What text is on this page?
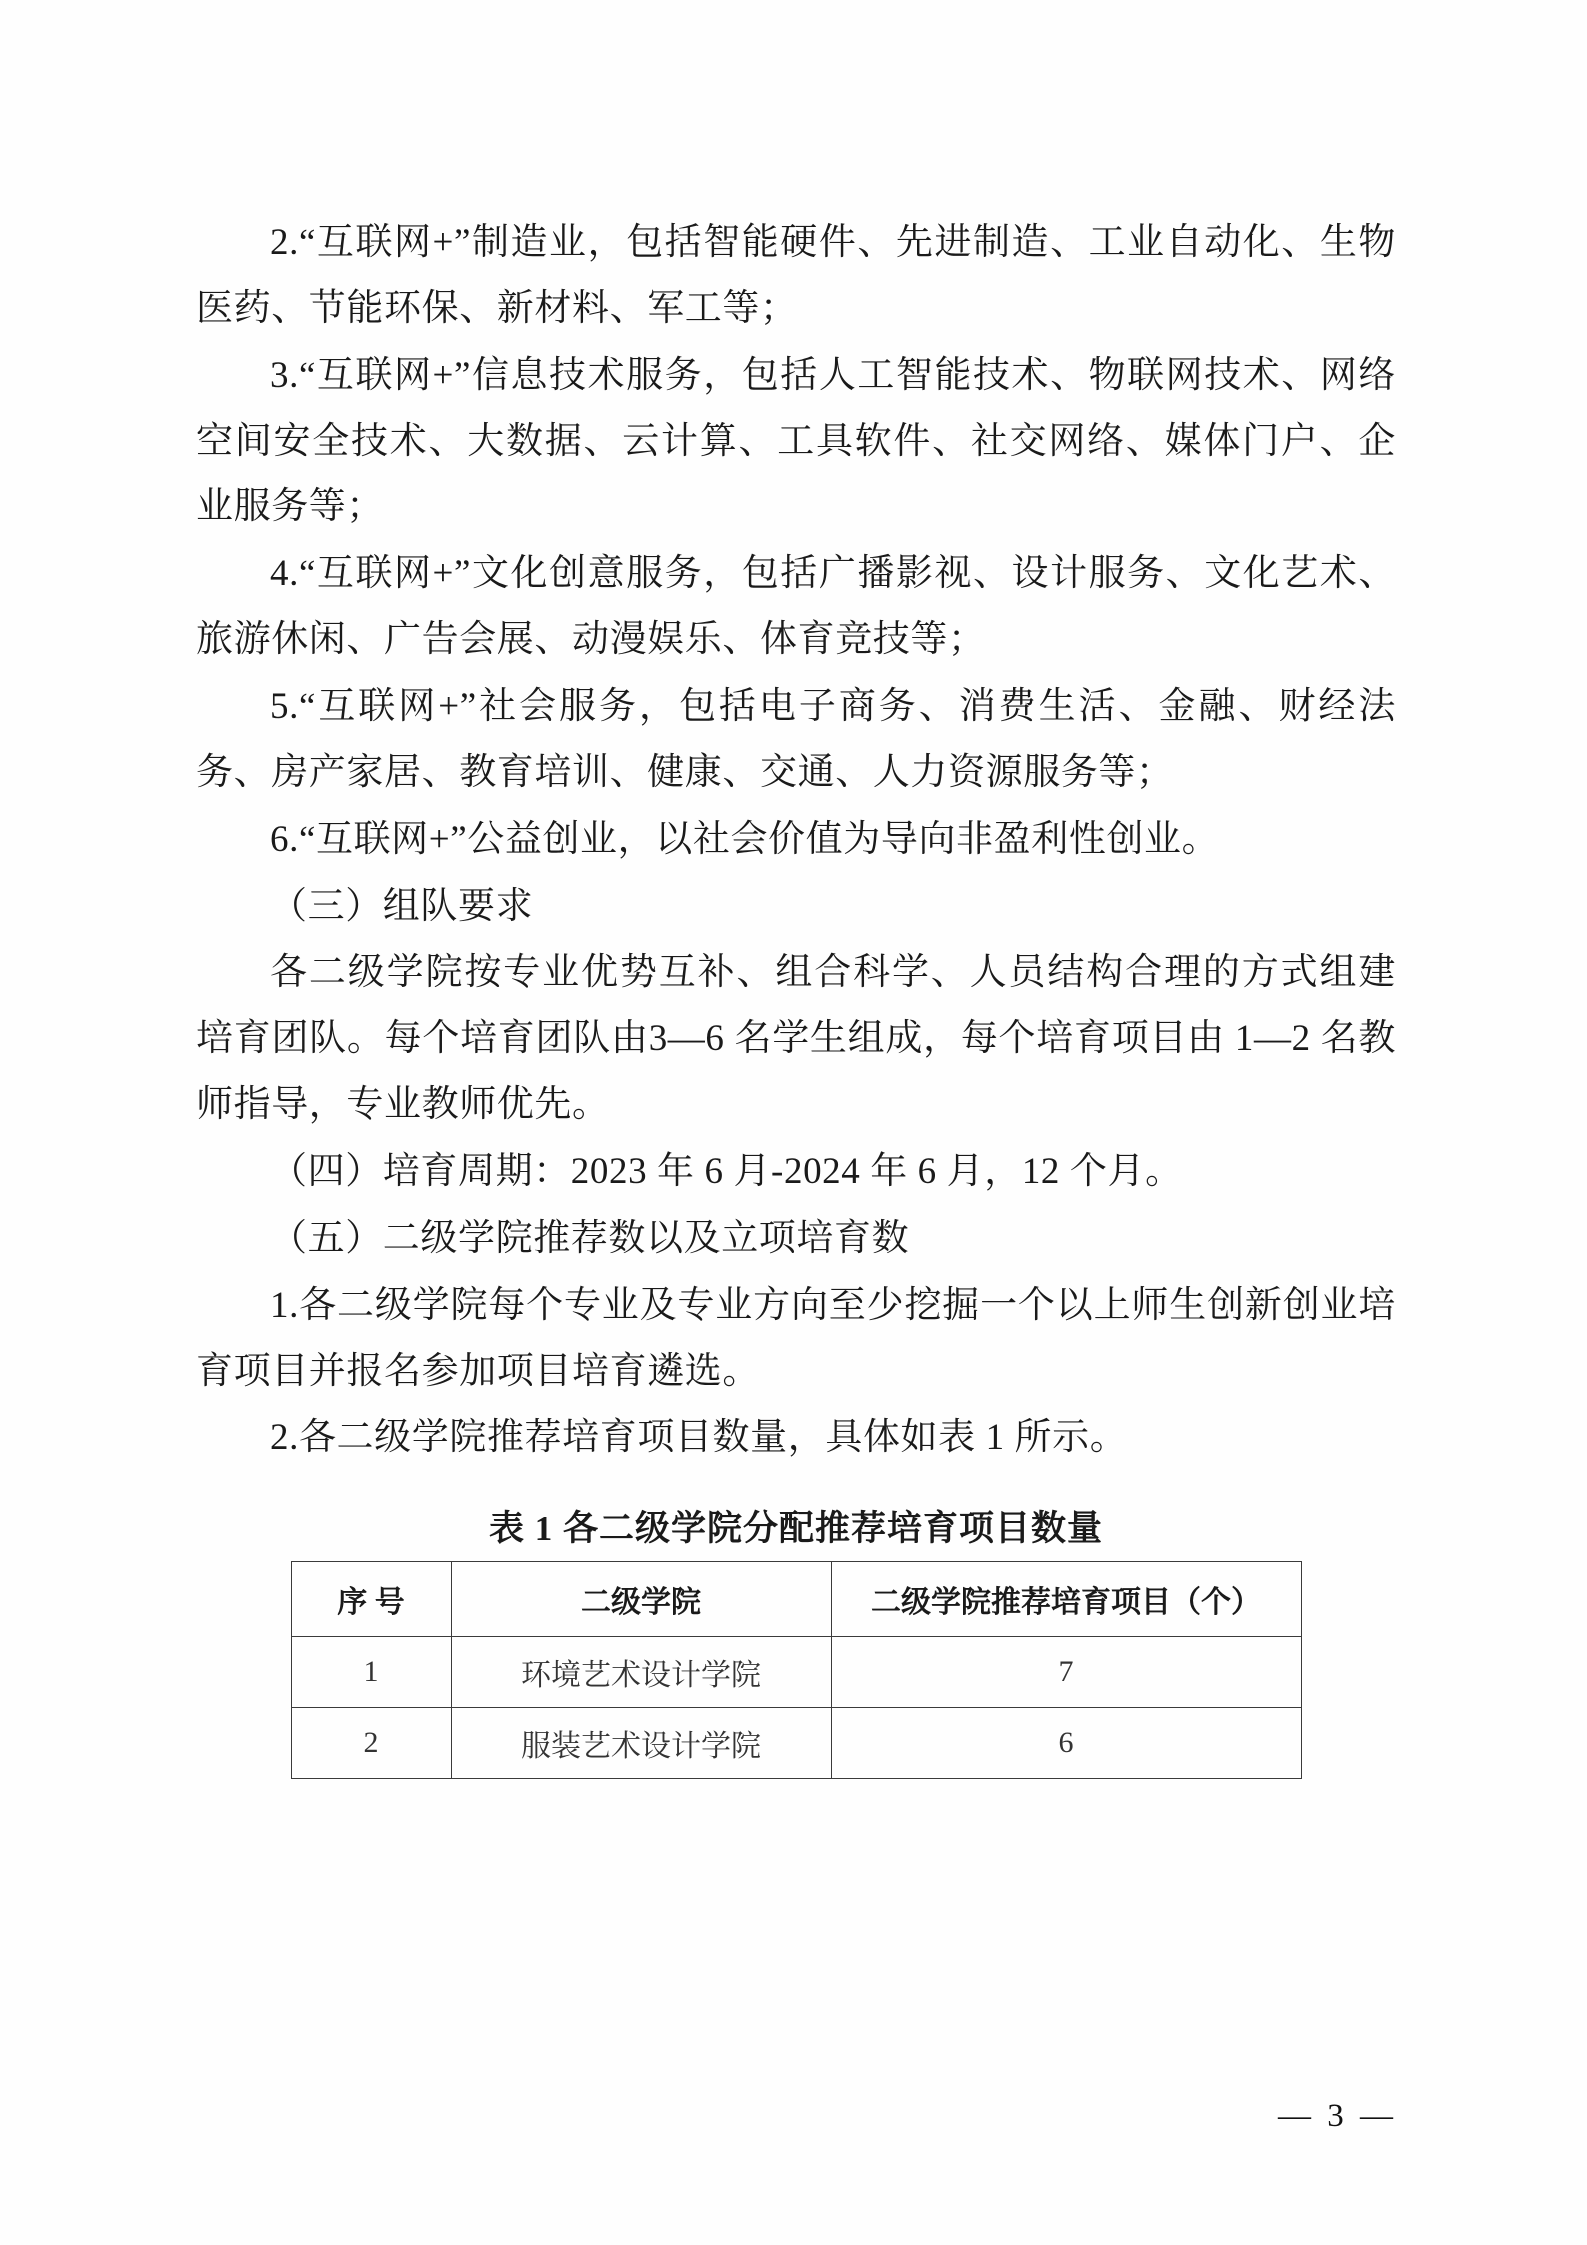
2.“互联网+”制造业，包括智能硬件、先进制造、工业自动化、生物医药、节能环保、新材料、军工等；

3.“互联网+”信息技术服务，包括人工智能技术、物联网技术、网络空间安全技术、大数据、云计算、工具软件、社交网络、媒体门户、企业服务等；

4.“互联网+”文化创意服务，包括广播影视、设计服务、文化艺术、旅游休闲、广告会展、动漫娱乐、体育竞技等；

5.“互联网+”社会服务，包括电子商务、消费生活、金融、财经法务、房产家居、教育培训、健康、交通、人力资源服务等；

6.“互联网+”公益创业，以社会价值为导向非盈利性创业。

（三）组队要求

各二级学院按专业优势互补、组合科学、人员结构合理的方式组建培育团队。每个培育团队由3—6 名学生组成，每个培育项目由 1—2 名教师指导，专业教师优先。

（四）培育周期：2023 年 6 月-2024 年 6 月，12 个月。

（五）二级学院推荐数以及立项培育数

1.各二级学院每个专业及专业方向至少挖掘一个以上师生创新创业培育项目并报名参加项目培育遴选。

2.各二级学院推荐培育项目数量，具体如表 1 所示。

表 1 各二级学院分配推荐培育项目数量
序 号	二级学院	二级学院推荐培育项目（个）
1	环境艺术设计学院	7
2	服装艺术设计学院	6
— 3 —
